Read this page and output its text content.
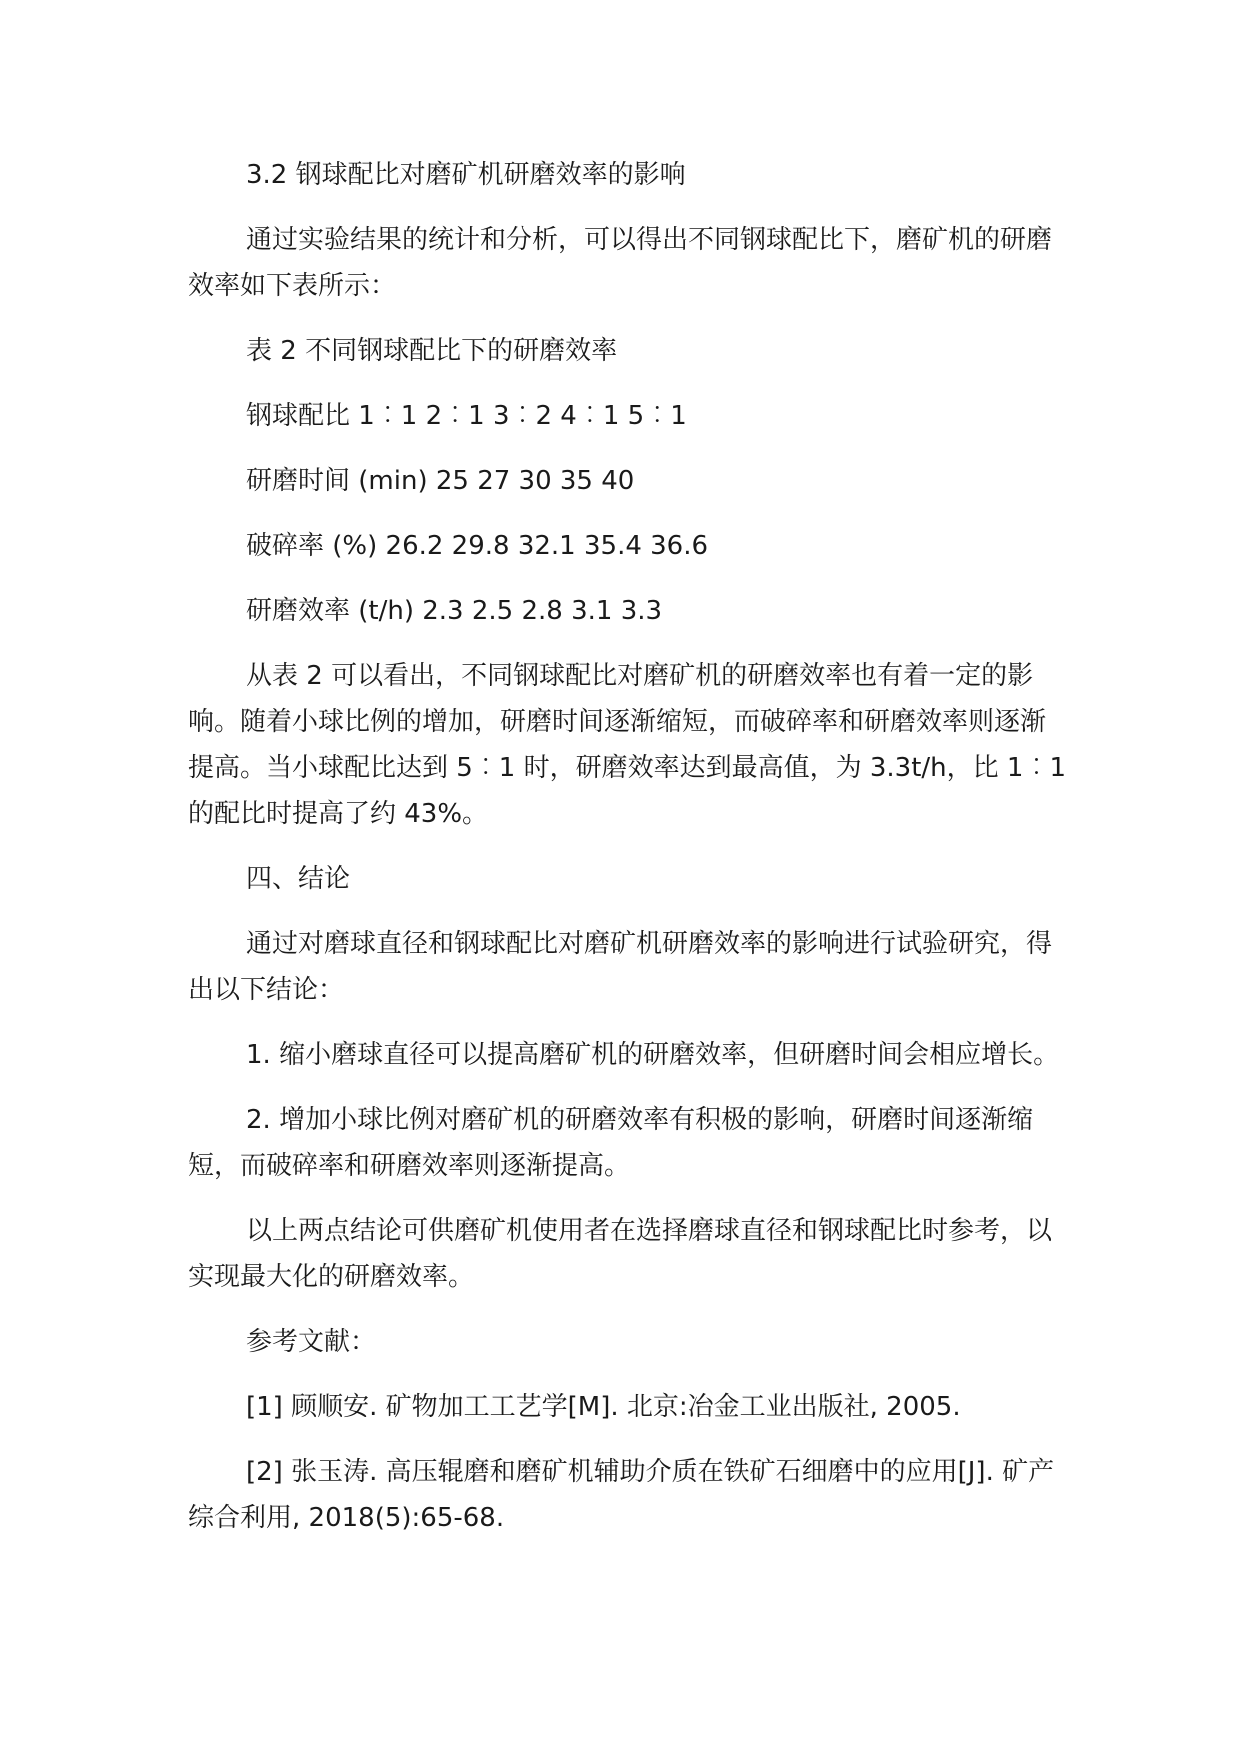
3.2 钢球配比对磨矿机研磨效率的影响

通过实验结果的统计和分析，可以得出不同钢球配比下，磨矿机的研磨效率如下表所示：

表 2 不同钢球配比下的研磨效率

钢球配比 1︰1 2︰1 3︰2 4︰1 5︰1

研磨时间 (min) 25 27 30 35 40

破碎率 (%) 26.2 29.8 32.1 35.4 36.6

研磨效率 (t/h) 2.3 2.5 2.8 3.1 3.3

从表 2 可以看出，不同钢球配比对磨矿机的研磨效率也有着一定的影响。随着小球比例的增加，研磨时间逐渐缩短，而破碎率和研磨效率则逐渐提高。当小球配比达到 5︰1 时，研磨效率达到最高值，为 3.3t/h，比 1︰1 的配比时提高了约 43%。

四、结论

通过对磨球直径和钢球配比对磨矿机研磨效率的影响进行试验研究，得出以下结论：

1. 缩小磨球直径可以提高磨矿机的研磨效率，但研磨时间会相应增长。

2. 增加小球比例对磨矿机的研磨效率有积极的影响，研磨时间逐渐缩短，而破碎率和研磨效率则逐渐提高。

以上两点结论可供磨矿机使用者在选择磨球直径和钢球配比时参考，以实现最大化的研磨效率。

参考文献：

[1] 顾顺安. 矿物加工工艺学[M]. 北京:冶金工业出版社, 2005.

[2] 张玉涛. 高压辊磨和磨矿机辅助介质在铁矿石细磨中的应用[J]. 矿产综合利用, 2018(5):65-68.
